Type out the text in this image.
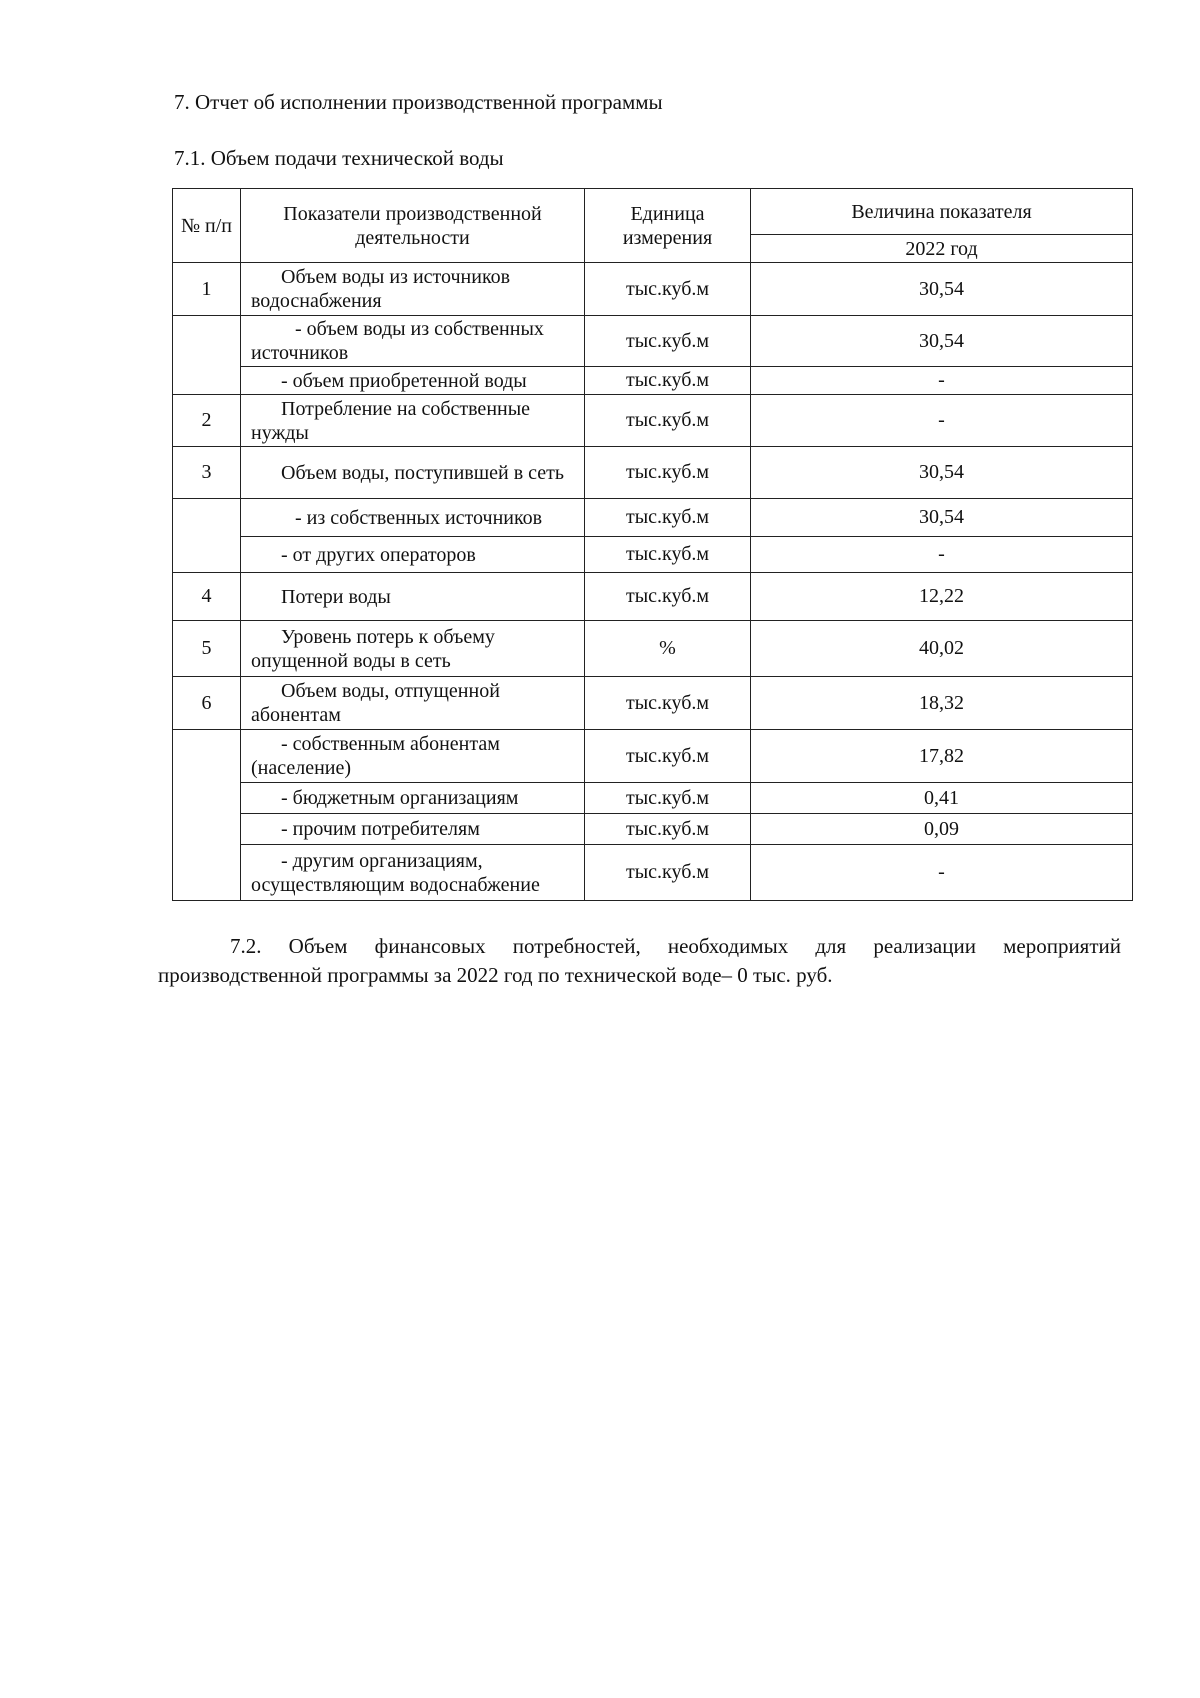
7. Отчет об исполнении производственной программы
7.1. Объем подачи технической воды
№ п/п	Показатели производственной деятельности	Единица измерения	Величина показателя

			2022 год

1	Объем воды из источников водоснабжения	тыс.куб.м	30,54

	- объем воды из собственных источников	тыс.куб.м	30,54

	- объем приобретенной воды	тыс.куб.м	-
2	Потребление на собственные нужды	тыс.куб.м	-
3	Объем воды, поступившей в сеть	тыс.куб.м	30,54

	- из собственных источников	тыс.куб.м	30,54

	- от других операторов	тыс.куб.м	-
4	Потери воды	тыс.куб.м	12,22
5	Уровень потерь к объему опущенной воды в сеть	%	40,02
6	Объем воды, отпущенной абонентам	тыс.куб.м	18,32

	- собственным абонентам (население)	тыс.куб.м	17,82

	- бюджетным организациям	тыс.куб.м	0,41

	- прочим потребителям	тыс.куб.м	0,09

	- другим организациям, осуществляющим водоснабжение	тыс.куб.м	-
7.2. Объем финансовых потребностей, необходимых для реализации мероприятий производственной программы за 2022 год по технической воде– 0 тыс. руб.
